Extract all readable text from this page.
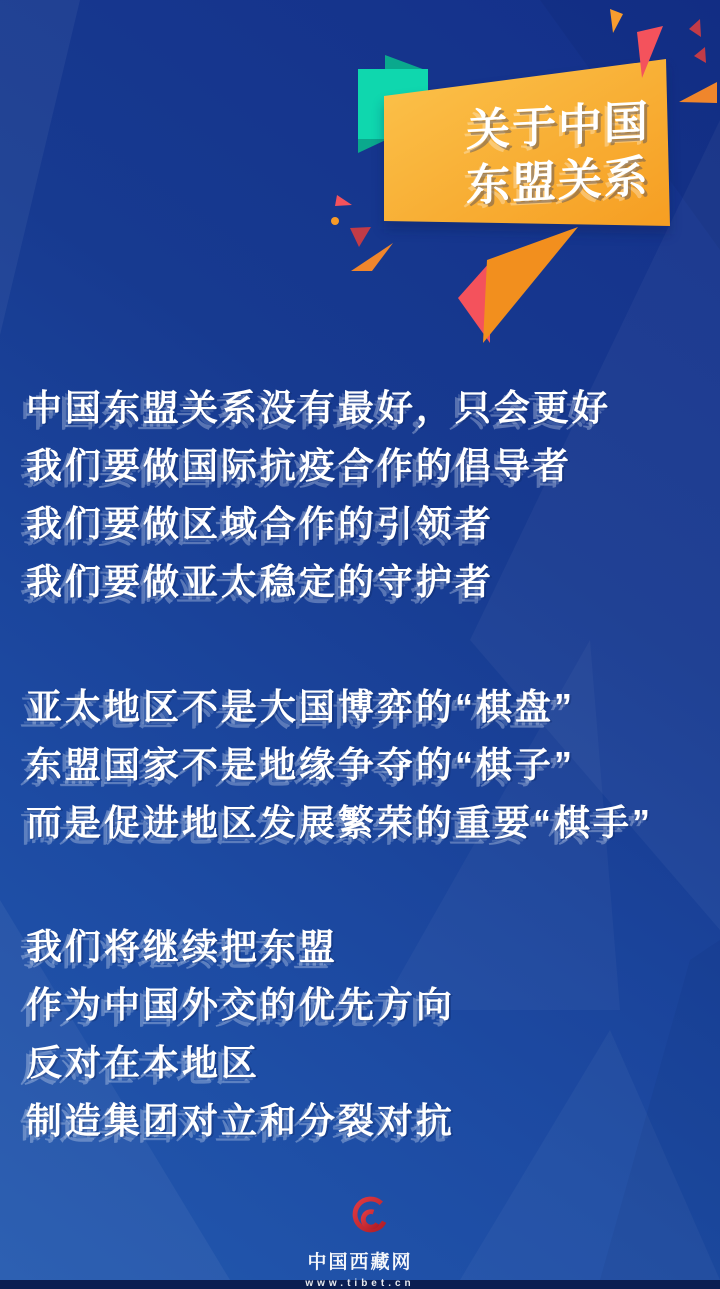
关于中国
东盟关系
中国东盟关系没有最好，只会更好
我们要做国际抗疫合作的倡导者
我们要做区域合作的引领者
我们要做亚太稳定的守护者
亚太地区不是大国博弈的“棋盘”
东盟国家不是地缘争夺的“棋子”
而是促进地区发展繁荣的重要“棋手”
我们将继续把东盟
作为中国外交的优先方向
反对在本地区
制造集团对立和分裂对抗
中国西藏网
www.tibet.cn
